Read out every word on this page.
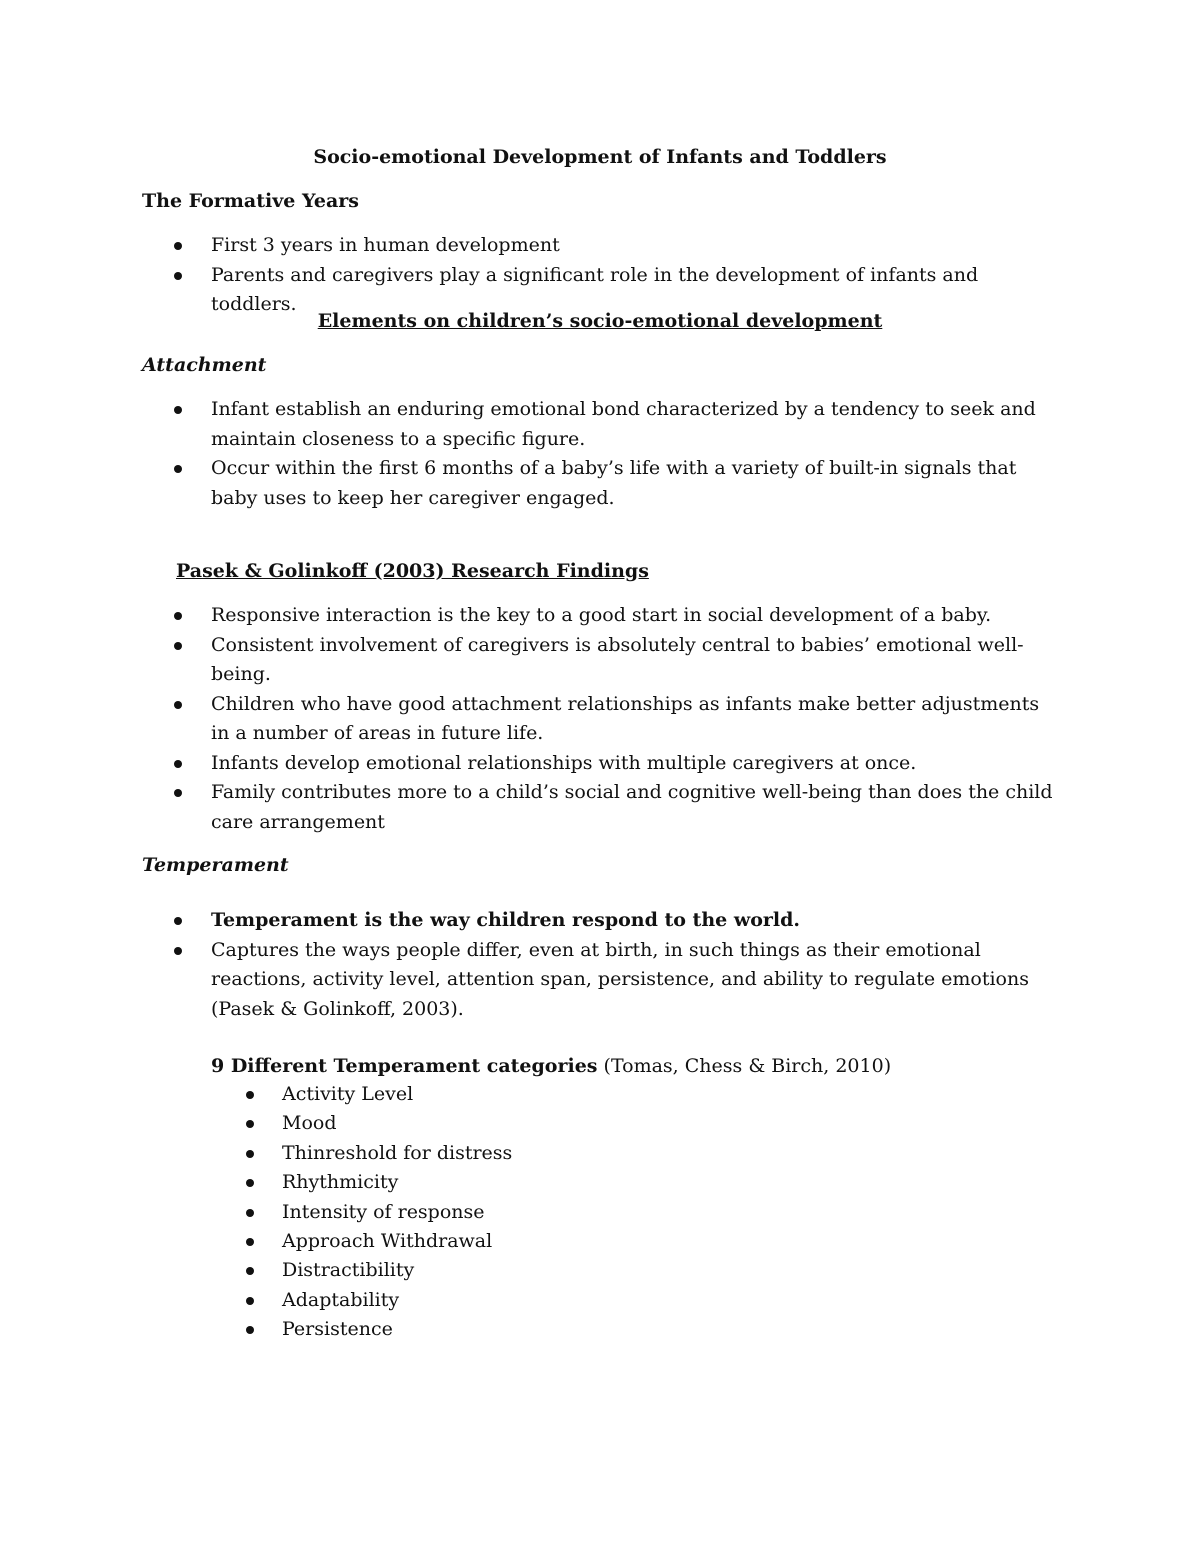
Socio-emotional Development of Infants and Toddlers
The Formative Years
First 3 years in human development
Parents and caregivers play a significant role in the development of infants and toddlers.
Elements on children’s socio-emotional development
Attachment
Infant establish an enduring emotional bond characterized by a tendency to seek and maintain closeness to a specific figure.
Occur within the first 6 months of a baby’s life with a variety of built-in signals that baby uses to keep her caregiver engaged.
Pasek & Golinkoff (2003) Research Findings
Responsive interaction is the key to a good start in social development of a baby.
Consistent involvement of caregivers is absolutely central to babies’ emotional well-being.
Children who have good attachment relationships as infants make better adjustments in a number of areas in future life.
Infants develop emotional relationships with multiple caregivers at once.
Family contributes more to a child’s social and cognitive well-being than does the child care arrangement
Temperament
Temperament is the way children respond to the world.
Captures the ways people differ, even at birth, in such things as their emotional reactions, activity level, attention span, persistence, and ability to regulate emotions (Pasek & Golinkoff, 2003).

9 Different Temperament categories (Tomas, Chess & Birch, 2010)

Activity Level
Mood
Thinreshold for distress
Rhythmicity
Intensity of response
Approach Withdrawal
Distractibility
Adaptability
Persistence
